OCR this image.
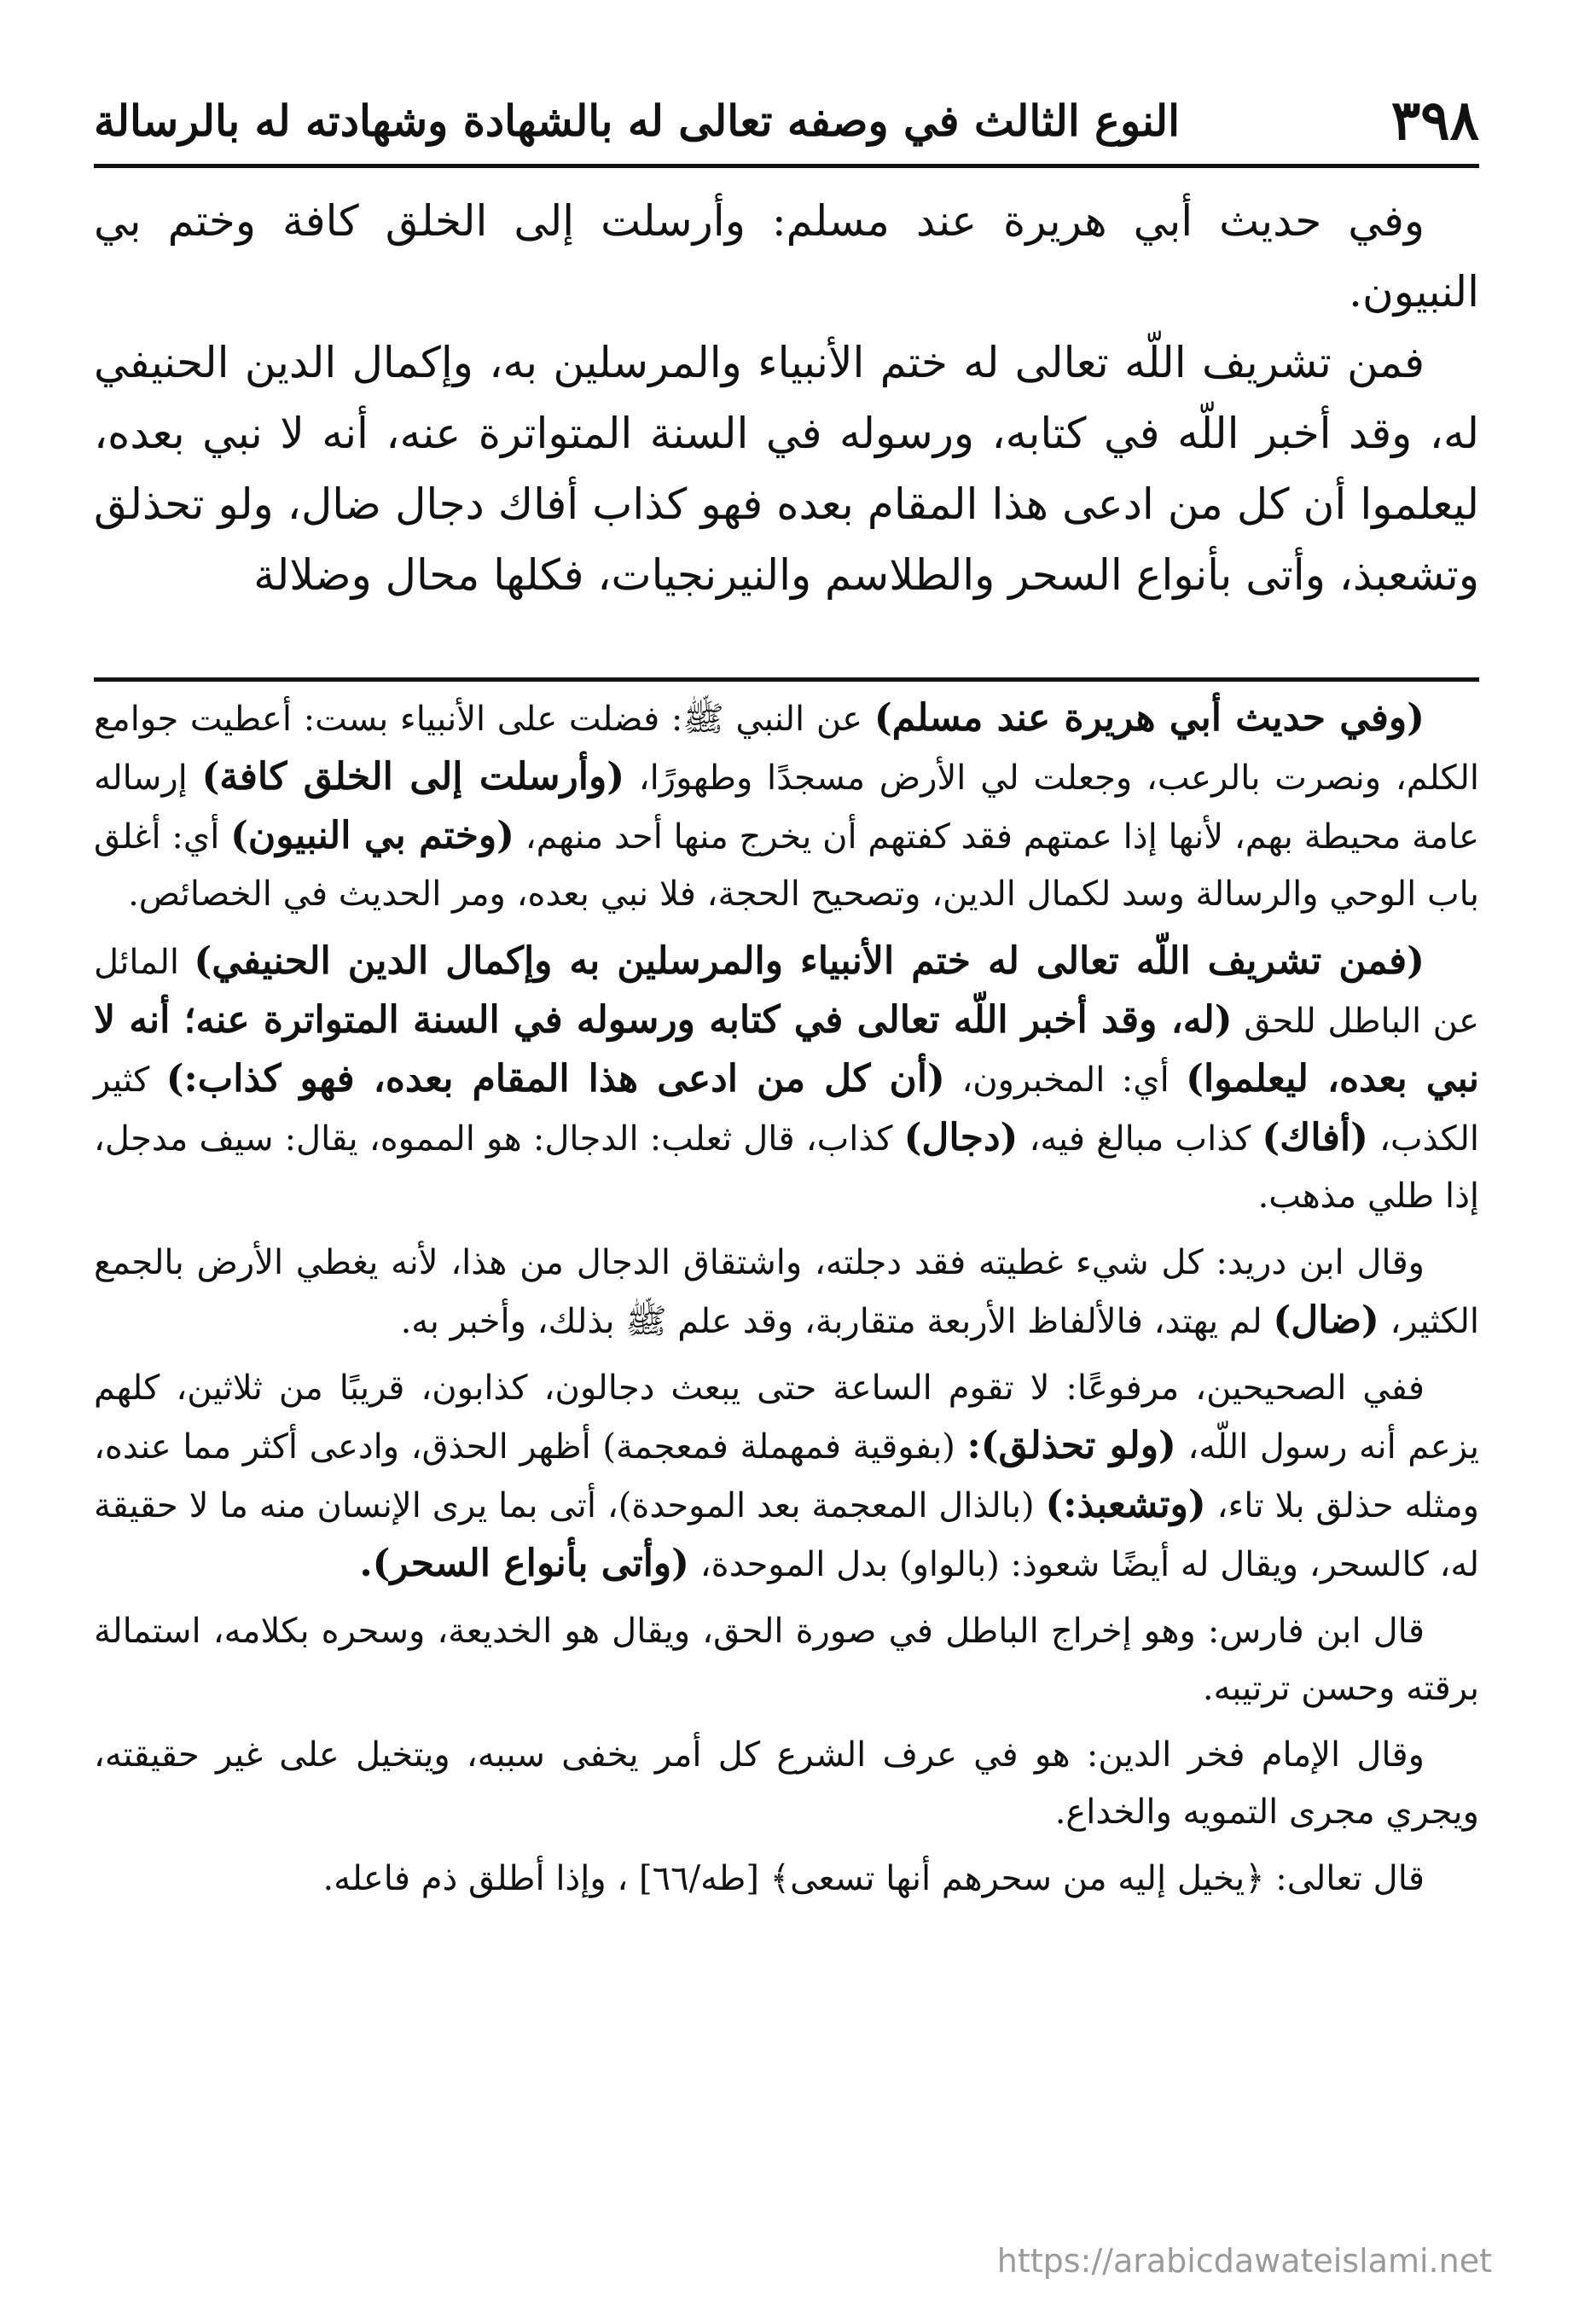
٣٩٨
النوع الثالث في وصفه تعالى له بالشهادة وشهادته له بالرسالة

وفي حديث أبي هريرة عند مسلم: وأرسلت إلى الخلق كافة وختم بي النبيون.

فمن تشريف اللّه تعالى له ختم الأنبياء والمرسلين به، وإكمال الدين الحنيفي له، وقد أخبر اللّه في كتابه، ورسوله في السنة المتواترة عنه، أنه لا نبي بعده، ليعلموا أن كل من ادعى هذا المقام بعده فهو كذاب أفاك دجال ضال، ولو تحذلق وتشعبذ، وأتى بأنواع السحر والطلاسم والنيرنجيات، فكلها محال وضلالة

(وفي حديث أبي هريرة عند مسلم) عن النبي ﷺ: فضلت على الأنبياء بست: أعطيت جوامع الكلم، ونصرت بالرعب، وجعلت لي الأرض مسجدًا وطهورًا، (وأرسلت إلى الخلق كافة) إرساله عامة محيطة بهم، لأنها إذا عمتهم فقد كفتهم أن يخرج منها أحد منهم، (وختم بي النبيون) أي: أغلق باب الوحي والرسالة وسد لكمال الدين، وتصحيح الحجة، فلا نبي بعده، ومر الحديث في الخصائص.

(فمن تشريف اللّه تعالى له ختم الأنبياء والمرسلين به وإكمال الدين الحنيفي) المائل عن الباطل للحق (له، وقد أخبر اللّه تعالى في كتابه ورسوله في السنة المتواترة عنه؛ أنه لا نبي بعده، ليعلموا) أي: المخبرون، (أن كل من ادعى هذا المقام بعده، فهو كذاب:) كثير الكذب، (أفاك) كذاب مبالغ فيه، (دجال) كذاب، قال ثعلب: الدجال: هو المموه، يقال: سيف مدجل، إذا طلي مذهب.

وقال ابن دريد: كل شيء غطيته فقد دجلته، واشتقاق الدجال من هذا، لأنه يغطي الأرض بالجمع الكثير، (ضال) لم يهتد، فالألفاظ الأربعة متقاربة، وقد علم ﷺ بذلك، وأخبر به.

ففي الصحيحين، مرفوعًا: لا تقوم الساعة حتى يبعث دجالون، كذابون، قريبًا من ثلاثين، كلهم يزعم أنه رسول اللّه، (ولو تحذلق): (بفوقية فمهملة فمعجمة) أظهر الحذق، وادعى أكثر مما عنده، ومثله حذلق بلا تاء، (وتشعبذ:) (بالذال المعجمة بعد الموحدة)، أتى بما يرى الإنسان منه ما لا حقيقة له، كالسحر، ويقال له أيضًا شعوذ: (بالواو) بدل الموحدة، (وأتى بأنواع السحر).

قال ابن فارس: وهو إخراج الباطل في صورة الحق، ويقال هو الخديعة، وسحره بكلامه، استمالة برقته وحسن ترتيبه.

وقال الإمام فخر الدين: هو في عرف الشرع كل أمر يخفى سببه، ويتخيل على غير حقيقته، ويجري مجرى التمويه والخداع.

قال تعالى: ﴿يخيل إليه من سحرهم أنها تسعى﴾ [طه/٦٦] ، وإذا أطلق ذم فاعله.

https://arabicdawateislami.net
